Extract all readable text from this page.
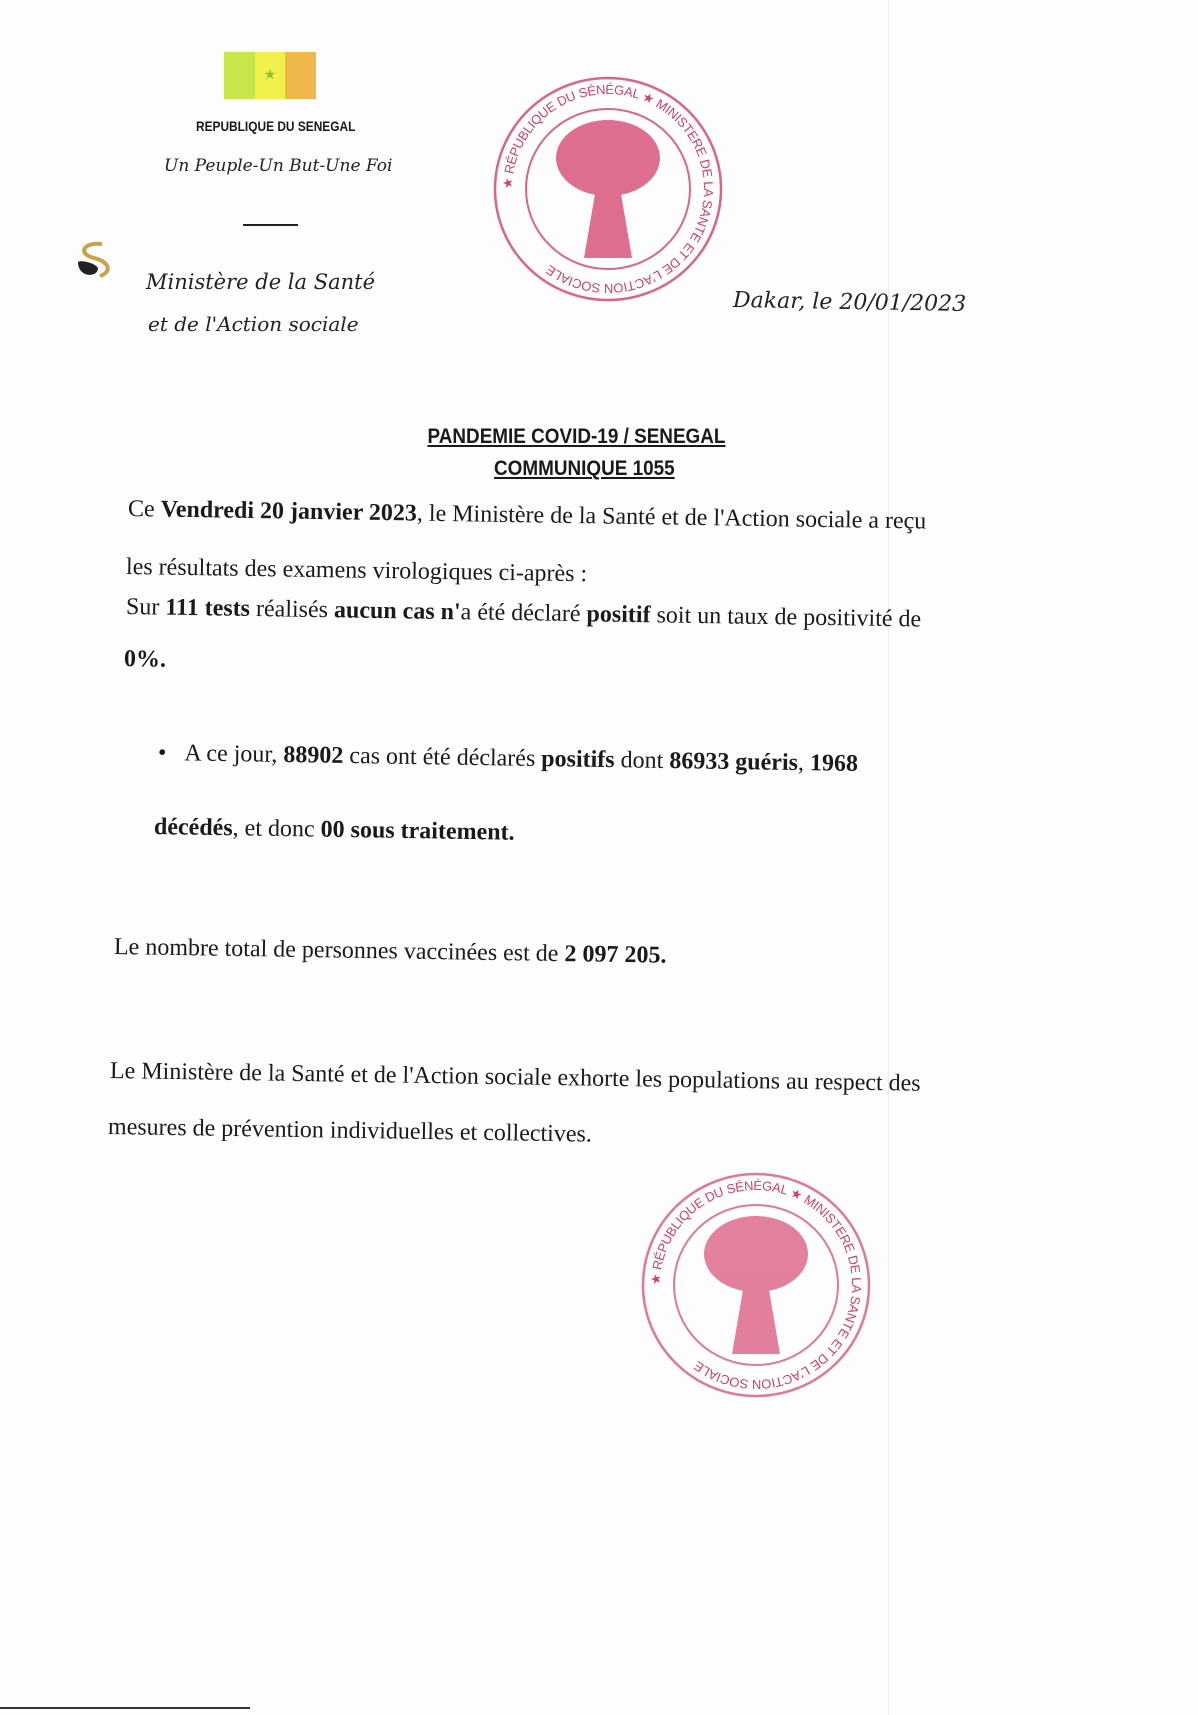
★
REPUBLIQUE DU SENEGAL
Un Peuple-Un But-Une Foi
Ministère de la Santé
et de l'Action sociale
Dakar, le 20/01/2023
★ RÉPUBLIQUE DU SÉNÉGAL ★ MINISTERE DE LA SANTE ET DE L'ACTION SOCIALE
PANDEMIE COVID-19 / SENEGAL
COMMUNIQUE 1055
Ce Vendredi 20 janvier 2023, le Ministère de la Santé et de l'Action sociale a reçu
les résultats des examens virologiques ci-après :
Sur 111 tests réalisés aucun cas n'a été déclaré positif soit un taux de positivité de
0%.
•   A ce jour, 88902 cas ont été déclarés positifs dont 86933 guéris, 1968
décédés, et donc 00 sous traitement.
Le nombre total de personnes vaccinées est de 2 097 205.
Le Ministère de la Santé et de l'Action sociale exhorte les populations au respect des
mesures de prévention individuelles et collectives.
★ RÉPUBLIQUE DU SÉNÉGAL ★ MINISTERE DE LA SANTE ET DE L'ACTION SOCIALE
